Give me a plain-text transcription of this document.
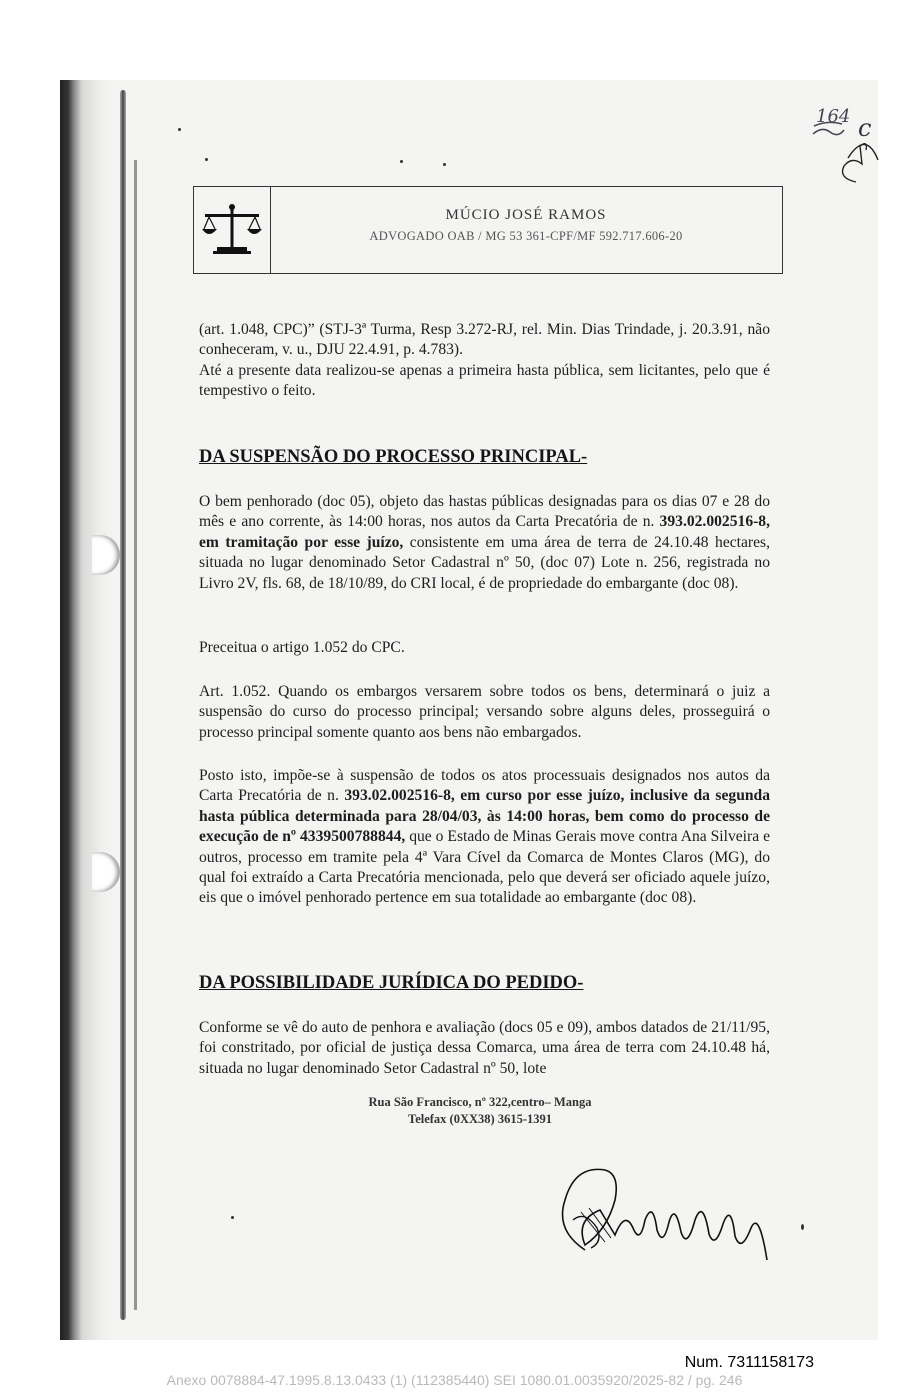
164 c
MÚCIO JOSÉ RAMOS
ADVOGADO OAB / MG 53 361-CPF/MF 592.717.606-20

(art. 1.048, CPC)” (STJ-3ª Turma, Resp 3.272-RJ, rel. Min. Dias Trindade, j. 20.3.91, não conheceram, v. u., DJU 22.4.91, p. 4.783).

Até a presente data realizou-se apenas a primeira hasta pública, sem licitantes, pelo que é tempestivo o feito.

DA SUSPENSÃO DO PROCESSO PRINCIPAL-

O bem penhorado (doc 05), objeto das hastas públicas designadas para os dias 07 e 28 do mês e ano corrente, às 14:00 horas, nos autos da Carta Precatória de n. 393.02.002516-8, em tramitação por esse juízo, consistente em uma área de terra de 24.10.48 hectares, situada no lugar denominado Setor Cadastral nº 50, (doc 07) Lote n. 256, registrada no Livro 2V, fls. 68, de 18/10/89, do CRI local, é de propriedade do embargante (doc 08).

Preceitua o artigo 1.052 do CPC.

Art. 1.052. Quando os embargos versarem sobre todos os bens, determinará o juiz a suspensão do curso do processo principal; versando sobre alguns deles, prosseguirá o processo principal somente quanto aos bens não embargados.

Posto isto, impõe-se à suspensão de todos os atos processuais designados nos autos da Carta Precatória de n. 393.02.002516-8, em curso por esse juízo, inclusive da segunda hasta pública determinada para 28/04/03, às 14:00 horas, bem como do processo de execução de nº 4339500788844, que o Estado de Minas Gerais move contra Ana Silveira e outros, processo em tramite pela 4ª Vara Cível da Comarca de Montes Claros (MG), do qual foi extraído a Carta Precatória mencionada, pelo que deverá ser oficiado aquele juízo, eis que o imóvel penhorado pertence em sua totalidade ao embargante (doc 08).

DA POSSIBILIDADE JURÍDICA DO PEDIDO-

Conforme se vê do auto de penhora e avaliação (docs 05 e 09), ambos datados de 21/11/95, foi constritado, por oficial de justiça dessa Comarca, uma área de terra com 24.10.48 há, situada no lugar denominado Setor Cadastral nº 50, lote

Rua São Francisco, nº 322,centro– Manga
Telefax (0XX38) 3615-1391
Num. 7311158173
Anexo 0078884-47.1995.8.13.0433 (1) (112385440) SEI 1080.01.0035920/2025-82 / pg. 246
